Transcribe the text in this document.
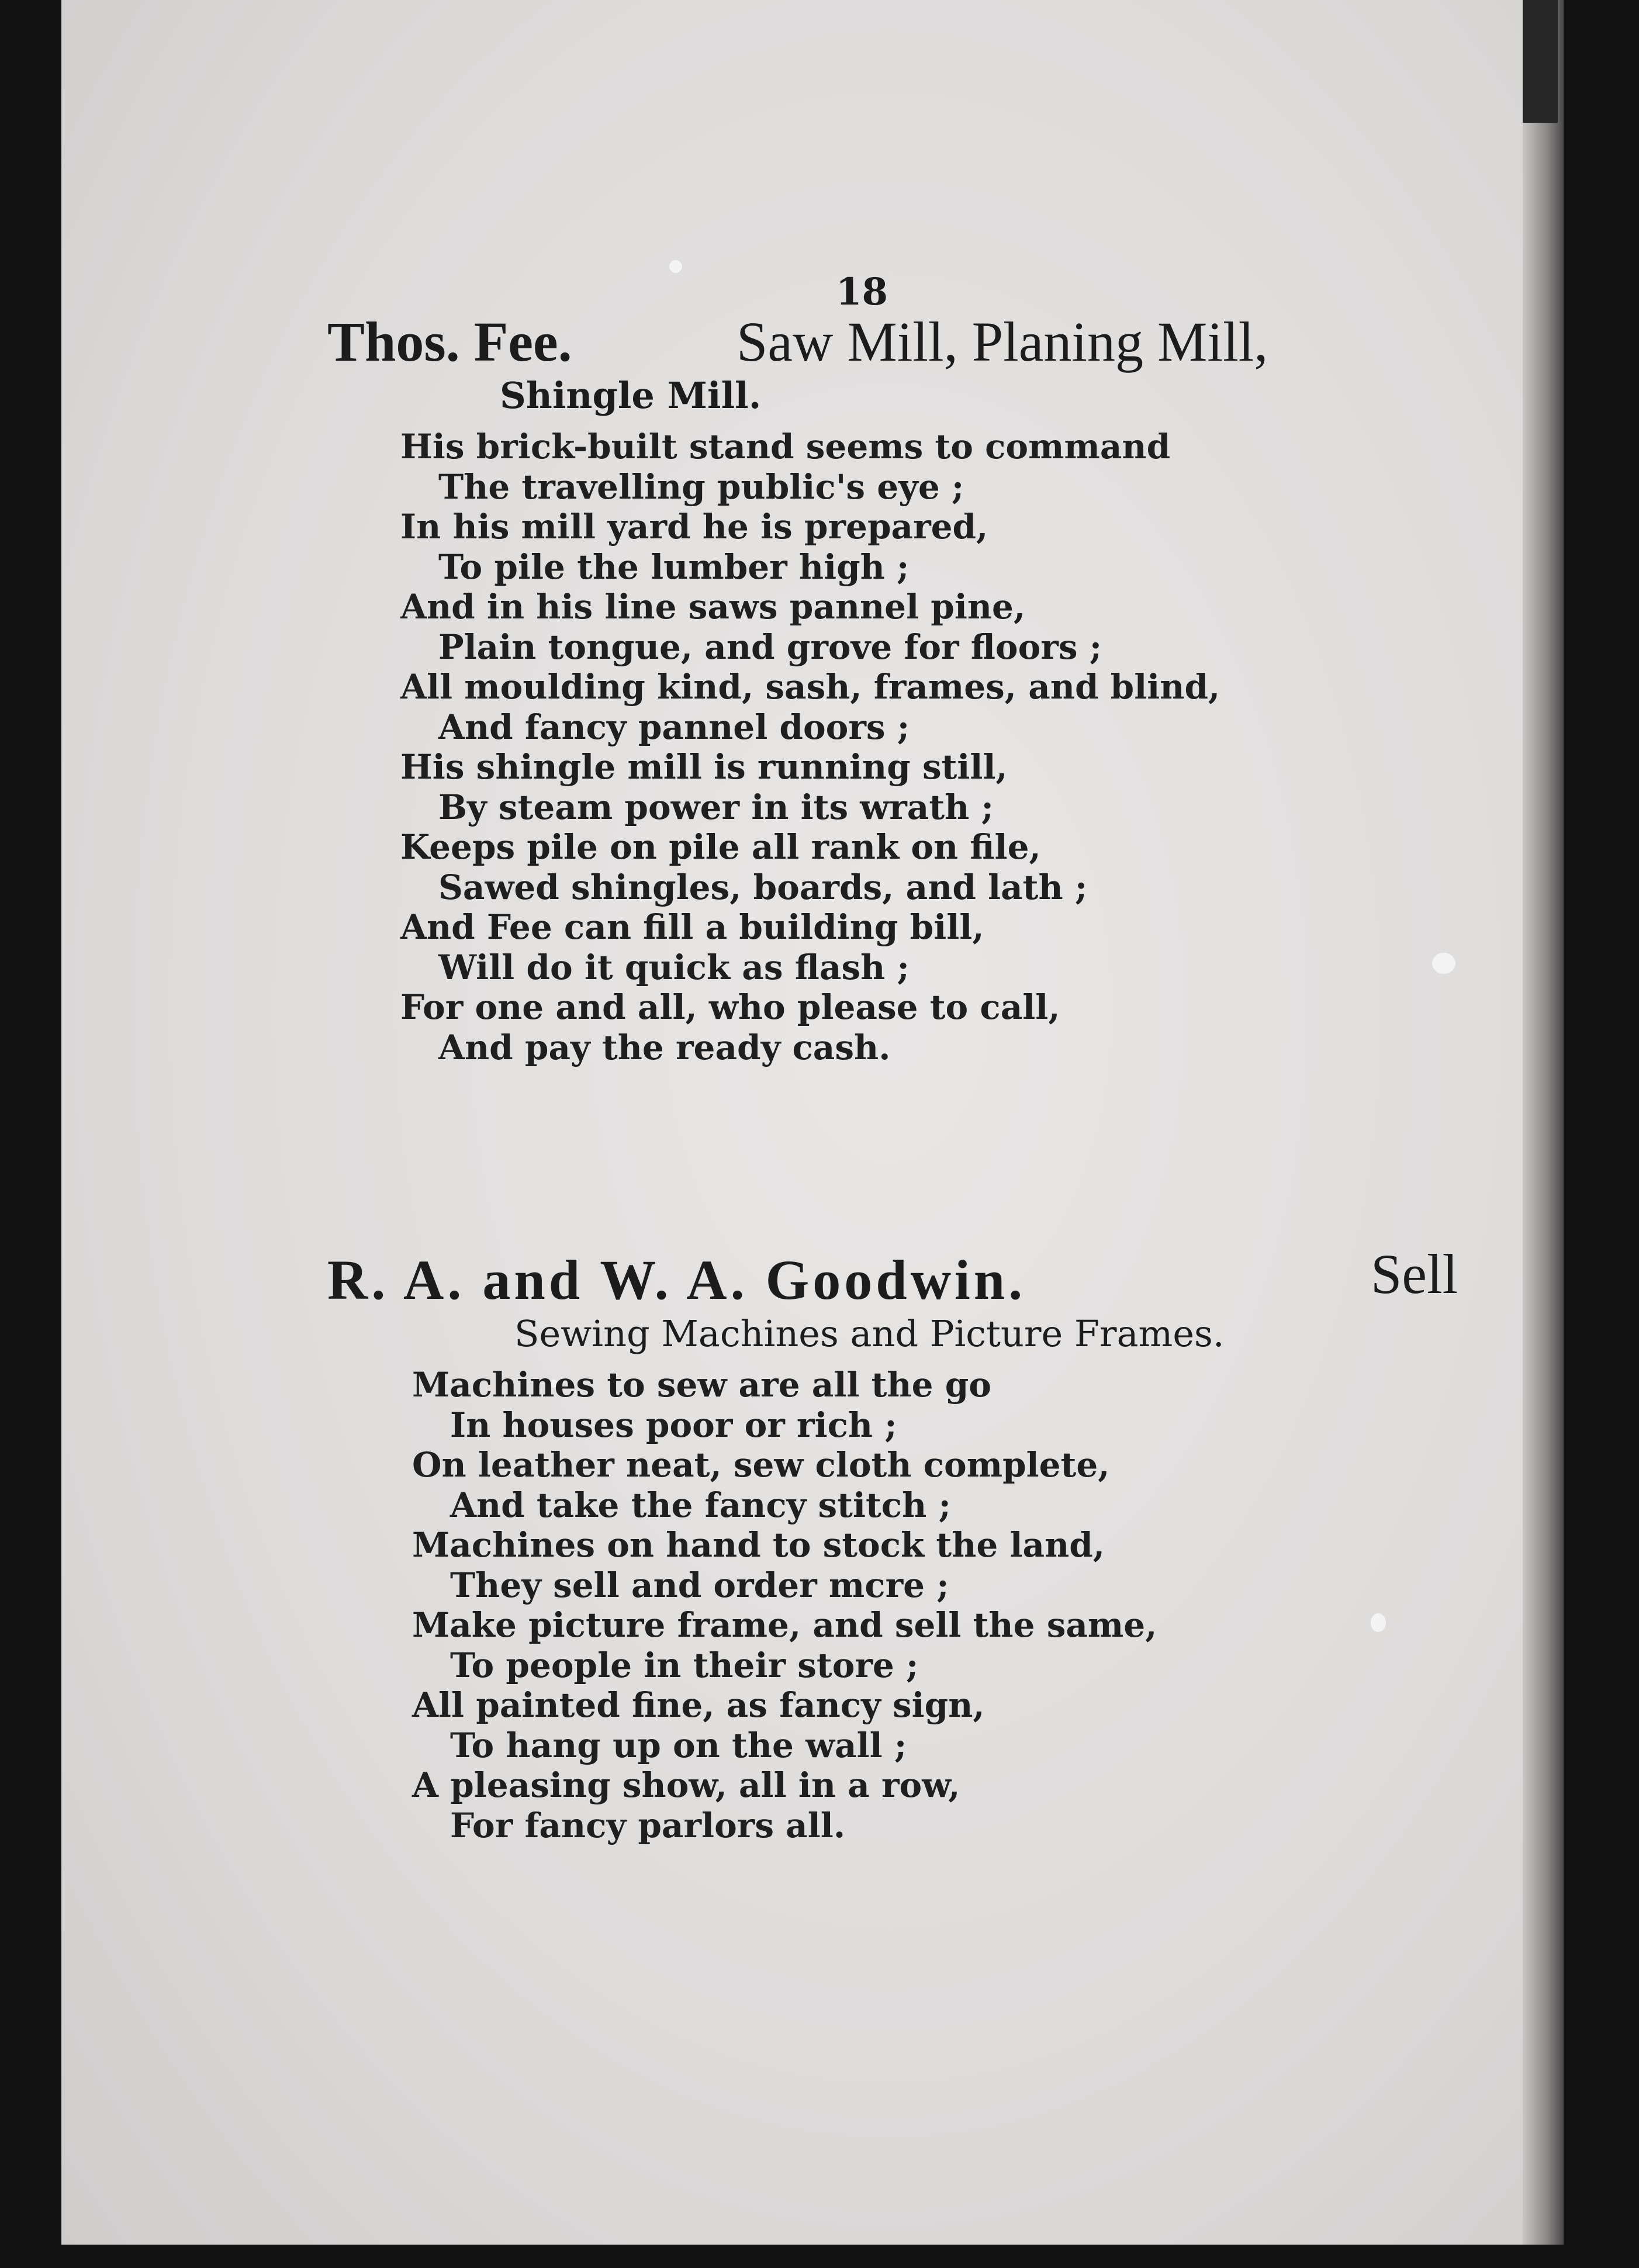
18

Thos. Fee.	Saw Mill, Planing Mill,

Shingle Mill.

His brick-built stand seems to command
The travelling public's eye ;
In his mill yard he is prepared,
To pile the lumber high ;
And in his line saws pannel pine,
Plain tongue, and grove for floors ;
All moulding kind, sash, frames, and blind,
And fancy pannel doors ;
His shingle mill is running still,
By steam power in its wrath ;
Keeps pile on pile all rank on file,
Sawed shingles, boards, and lath ;
And Fee can fill a building bill,
Will do it quick as flash ;
For one and all, who please to call,
And pay the ready cash.
R. A. and W. A. Goodwin.	Sell

Sewing Machines and Picture Frames.

Machines to sew are all the go
In houses poor or rich ;
On leather neat, sew cloth complete,
And take the fancy stitch ;
Machines on hand to stock the land,
They sell and order mcre ;
Make picture frame, and sell the same,
To people in their store ;
All painted fine, as fancy sign,
To hang up on the wall ;
A pleasing show, all in a row,
For fancy parlors all.
